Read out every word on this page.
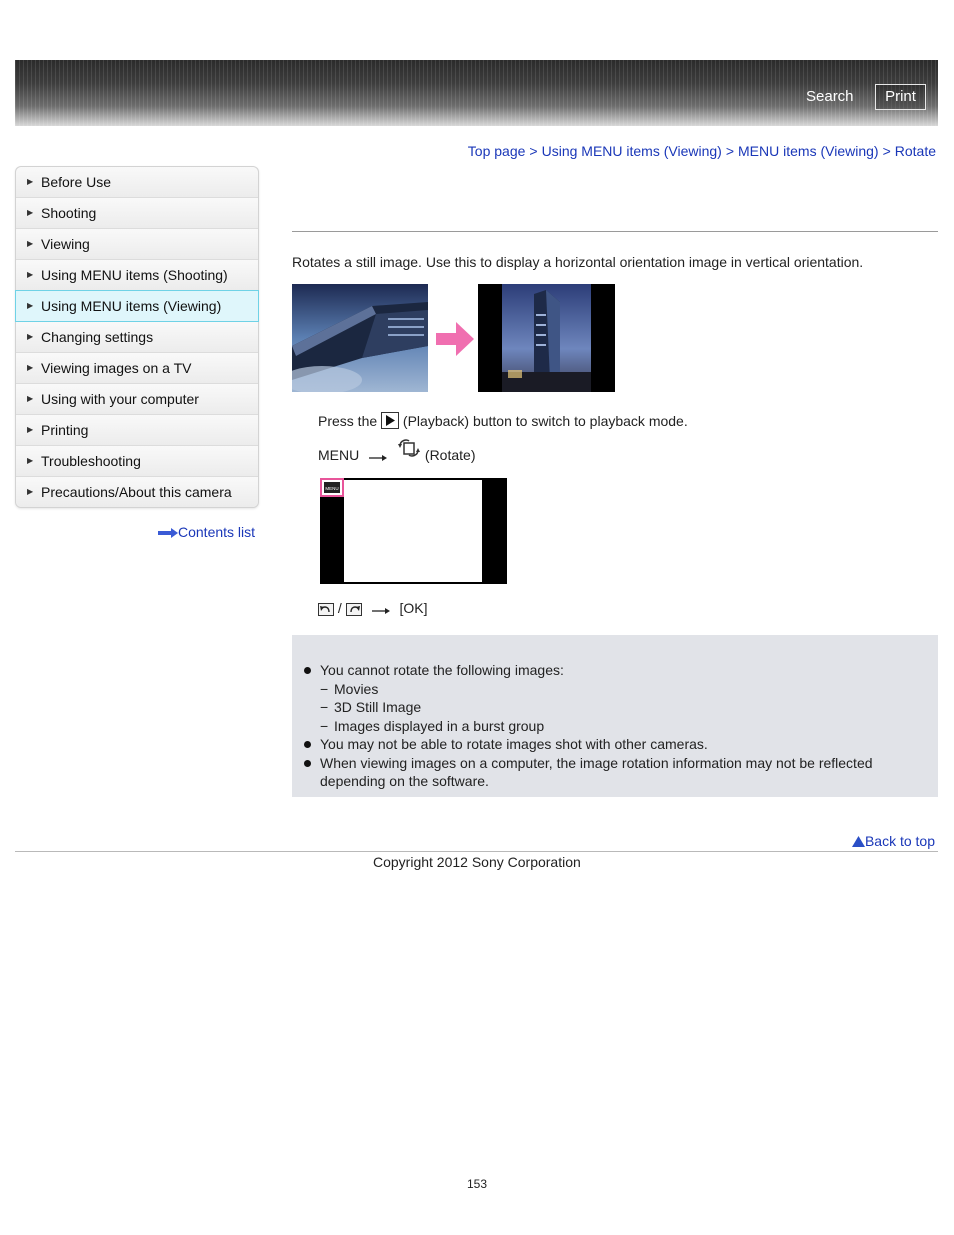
Search	Print
Top page > Using MENU items (Viewing) > MENU items (Viewing) > Rotate
▶ Before Use
▶ Shooting
▶ Viewing
▶ Using MENU items (Shooting)
▶ Using MENU items (Viewing)
▶ Changing settings
▶ Viewing images on a TV
▶ Using with your computer
▶ Printing
▶ Troubleshooting
▶ Precautions/About this camera
Contents list
Rotates a still image. Use this to display a horizontal orientation image in vertical orientation.
Press the (Playback) button to switch to playback mode.
MENU	(Rotate)
MENU
/	[OK]
You cannot rotate the following images:
− Movies
− 3D Still Image
− Images displayed in a burst group
You may not be able to rotate images shot with other cameras.
When viewing images on a computer, the image rotation information may not be reflected depending on the software.
Back to top
Copyright 2012 Sony Corporation
153
